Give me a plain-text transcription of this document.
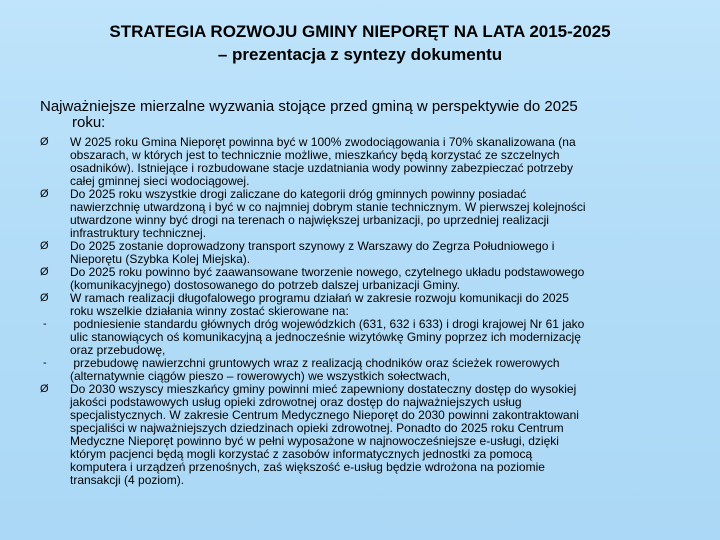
STRATEGIA ROZWOJU GMINY NIEPORĘT NA LATA 2015-2025
– prezentacja z syntezy dokumentu
Najważniejsze mierzalne wyzwania stojące przed gminą w perspektywie do 2025
roku:
Ø W 2025 roku Gmina Nieporęt powinna być w 100% zwodociągowania i 70% skanalizowana (na
obszarach, w których jest to technicznie możliwe, mieszkańcy będą korzystać ze szczelnych
osadników). Istniejące i rozbudowane stacje uzdatniania wody powinny zabezpieczać potrzeby
całej gminnej sieci wodociągowej.
Ø Do 2025 roku wszystkie drogi zaliczane do kategorii dróg gminnych powinny posiadać
nawierzchnię utwardzoną i być w co najmniej dobrym stanie technicznym. W pierwszej kolejności
utwardzone winny być drogi na terenach o największej urbanizacji, po uprzedniej realizacji
infrastruktury technicznej.
Ø Do 2025 zostanie doprowadzony transport szynowy z Warszawy do Zegrza Południowego i
Nieporętu (Szybka Kolej Miejska).
Ø Do 2025 roku powinno być zaawansowane tworzenie nowego, czytelnego układu podstawowego
(komunikacyjnego) dostosowanego do potrzeb dalszej urbanizacji Gminy.
Ø W ramach realizacji długofalowego programu działań w zakresie rozwoju komunikacji do 2025
roku wszelkie działania winny zostać skierowane na:
-	podniesienie standardu głównych dróg wojewódzkich (631, 632 i 633) i drogi krajowej Nr 61 jako
ulic stanowiących oś komunikacyjną a jednocześnie wizytówkę Gminy poprzez ich modernizację
oraz przebudowę,
-	przebudowę nawierzchni gruntowych wraz z realizacją chodników oraz ścieżek rowerowych
(alternatywnie ciągów pieszo – rowerowych) we wszystkich sołectwach,
Ø Do 2030 wszyscy mieszkańcy gminy powinni mieć zapewniony dostateczny dostęp do wysokiej
jakości podstawowych usług opieki zdrowotnej oraz dostęp do najważniejszych usług
specjalistycznych. W zakresie Centrum Medycznego Nieporęt do 2030 powinni zakontraktowani
specjaliści w najważniejszych dziedzinach opieki zdrowotnej. Ponadto do 2025 roku Centrum
Medyczne Nieporęt powinno być w pełni wyposażone w najnowocześniejsze e-usługi, dzięki
którym pacjenci będą mogli korzystać z zasobów informatycznych jednostki za pomocą
komputera i urządzeń przenośnych, zaś większość e-usług będzie wdrożona na poziomie
transakcji (4 poziom).
